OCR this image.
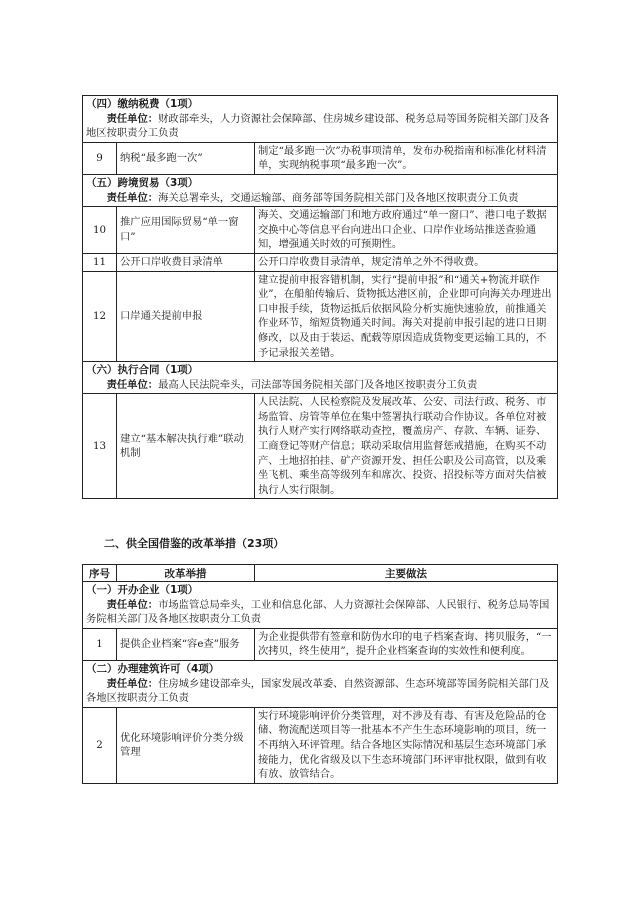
（四）缴纳税费（1项）
责任单位：财政部牵头，人力资源社会保障部、住房城乡建设部、税务总局等国务院相关部门及各地区按职责分工负责		

9	纳税“最多跑一次”	制定“最多跑一次”办税事项清单，发布办税指南和标准化材料清单，实现纳税事项“最多跑一次”。

（五）跨境贸易（3项）
责任单位：海关总署牵头，交通运输部、商务部等国务院相关部门及各地区按职责分工负责		

10	推广应用国际贸易“单一窗口”	海关、交通运输部门和地方政府通过“单一窗口”、港口电子数据交换中心等信息平台向进出口企业、口岸作业场站推送查验通知，增强通关时效的可预期性。
11	公开口岸收费目录清单	公开口岸收费目录清单，规定清单之外不得收费。
12	口岸通关提前申报	建立提前申报容错机制，实行“提前申报”和“通关+物流并联作业”，在船舶传输后、货物抵达港区前，企业即可向海关办理进出口申报手续，货物运抵后依据风险分析实施快速验放，前推通关作业环节，缩短货物通关时间。海关对提前申报引起的进口日期修改，以及由于装运、配载等原因造成货物变更运输工具的，不予记录报关差错。

（六）执行合同（1项）
责任单位：最高人民法院牵头，司法部等国务院相关部门及各地区按职责分工负责		

13	建立“基本解决执行难”联动机制	人民法院、人民检察院及发展改革、公安、司法行政、税务、市场监管、房管等单位在集中签署执行联动合作协议。各单位对被执行人财产实行网络联动查控，覆盖房产、存款、车辆、证券、工商登记等财产信息；联动采取信用监督惩戒措施，在购买不动产、土地招拍挂、矿产资源开发、担任公职及公司高管，以及乘坐飞机、乘坐高等级列车和席次、投资、招投标等方面对失信被执行人实行限制。
二、供全国借鉴的改革举措（23项）
序号	改革举措	主要做法

（一）开办企业（1项）
责任单位：市场监管总局牵头，工业和信息化部、人力资源社会保障部、人民银行、税务总局等国务院相关部门及各地区按职责分工负责		

1	提供企业档案“容e查”服务	为企业提供带有签章和防伪水印的电子档案查询、拷贝服务，“一次拷贝，终生使用”，提升企业档案查询的实效性和便利度。

（二）办理建筑许可（4项）
责任单位：住房城乡建设部牵头，国家发展改革委、自然资源部、生态环境部等国务院相关部门及各地区按职责分工负责		

2	优化环境影响评价分类分级管理	实行环境影响评价分类管理，对不涉及有毒、有害及危险品的仓储、物流配送项目等一批基本不产生生态环境影响的项目，统一不再纳入环评管理。结合各地区实际情况和基层生态环境部门承接能力，优化省级及以下生态环境部门环评审批权限，做到有收有放、放管结合。
